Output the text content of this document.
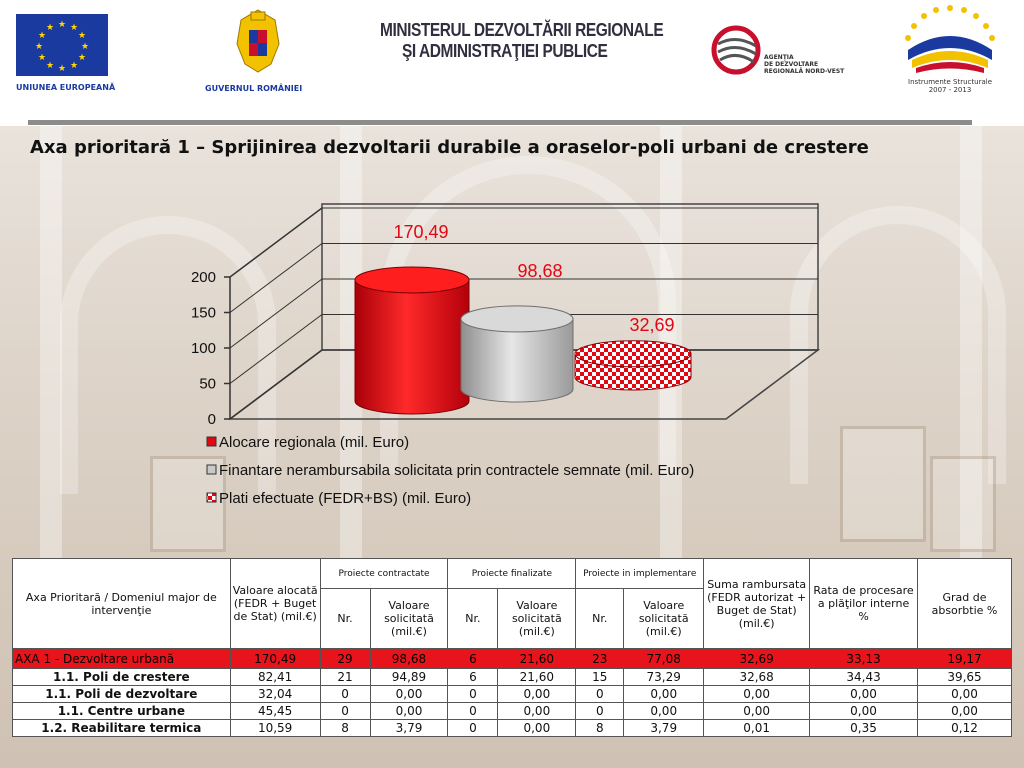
★ ★
★
★
★
★
★
★
★
★
★
★
UNIUNEA EUROPEANĂ	GUVERNUL ROMÂNIEI
MINISTERUL DEZVOLTĂRII REGIONALE
ŞI ADMINISTRAŢIEI PUBLICE	AGENŢIA
DE DEZVOLTARE
REGIONALĂ NORD-VEST
Instrumente Structurale
2007 - 2013
Axa prioritară 1 – Sprijinirea dezvoltarii durabile a oraselor-poli urbani de crestere
0
50
100
150
200
170,49
98,68
32,69
Alocare regionala (mil. Euro)
Finantare nerambursabila solicitata prin contractele semnate (mil. Euro)
Plati efectuate (FEDR+BS) (mil. Euro)
Axa Prioritară / Domeniul major de intervenţie	Valoare alocată (FEDR + Buget de Stat) (mil.€)	Proiecte contractate		Proiecte finalizate		Proiecte in implementare		Suma rambursata (FEDR autorizat + Buget de Stat) (mil.€)	Rata de procesare a plăţilor interne %	Grad de absorbtie %
		Nr.	Valoare solicitată (mil.€)	Nr.	Valoare solicitată (mil.€)	Nr.	Valoare solicitată (mil.€)			
AXA 1 - Dezvoltare urbană	170,49	29	98,68	6	21,60	23	77,08	32,69	33,13	19,17
1.1. Poli de crestere	82,41	21	94,89	6	21,60	15	73,29	32,68	34,43	39,65
1.1. Poli de dezvoltare	32,04	0	0,00	0	0,00	0	0,00	0,00	0,00	0,00
1.1. Centre urbane	45,45	0	0,00	0	0,00	0	0,00	0,00	0,00	0,00
1.2. Reabilitare termica	10,59	8	3,79	0	0,00	8	3,79	0,01	0,35	0,12
